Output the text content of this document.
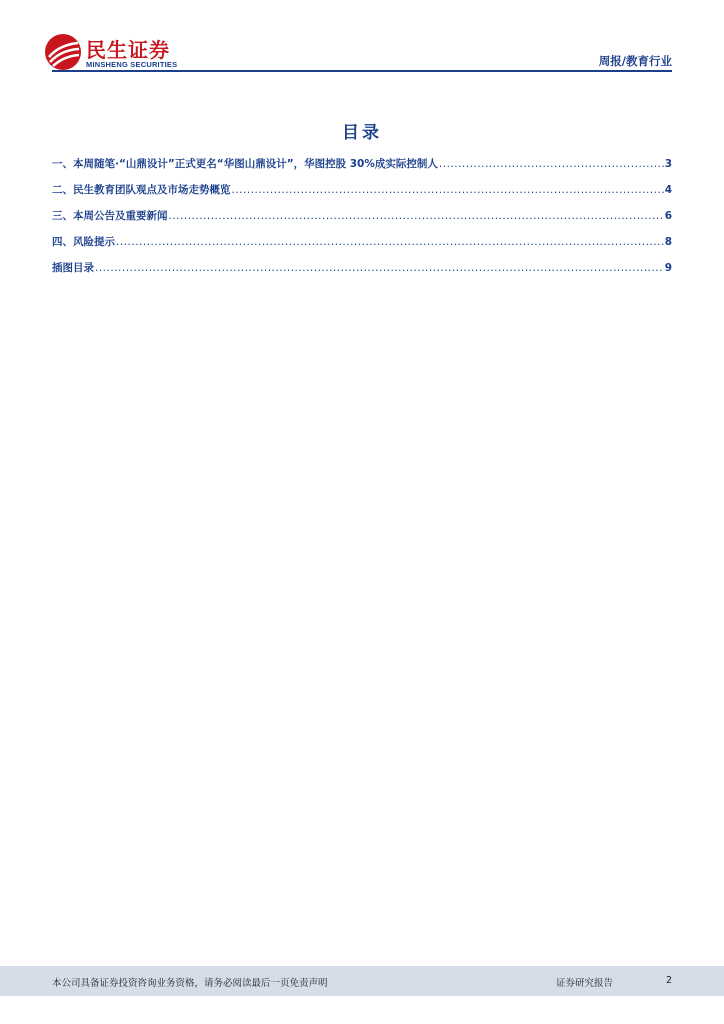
民生证券
MINSHENG SECURITIES	周报/教育行业
目录
一、本周随笔·“山鼎设计”正式更名“华图山鼎设计”，华图控股 30%成实际控制人 .....	3
二、民生教育团队观点及市场走势概览 .....	4
三、本周公告及重要新闻 .....	6
四、风险提示 .....	8
插图目录 .....	9
本公司具备证券投资咨询业务资格，请务必阅读最后一页免责声明	证券研究报告	2
